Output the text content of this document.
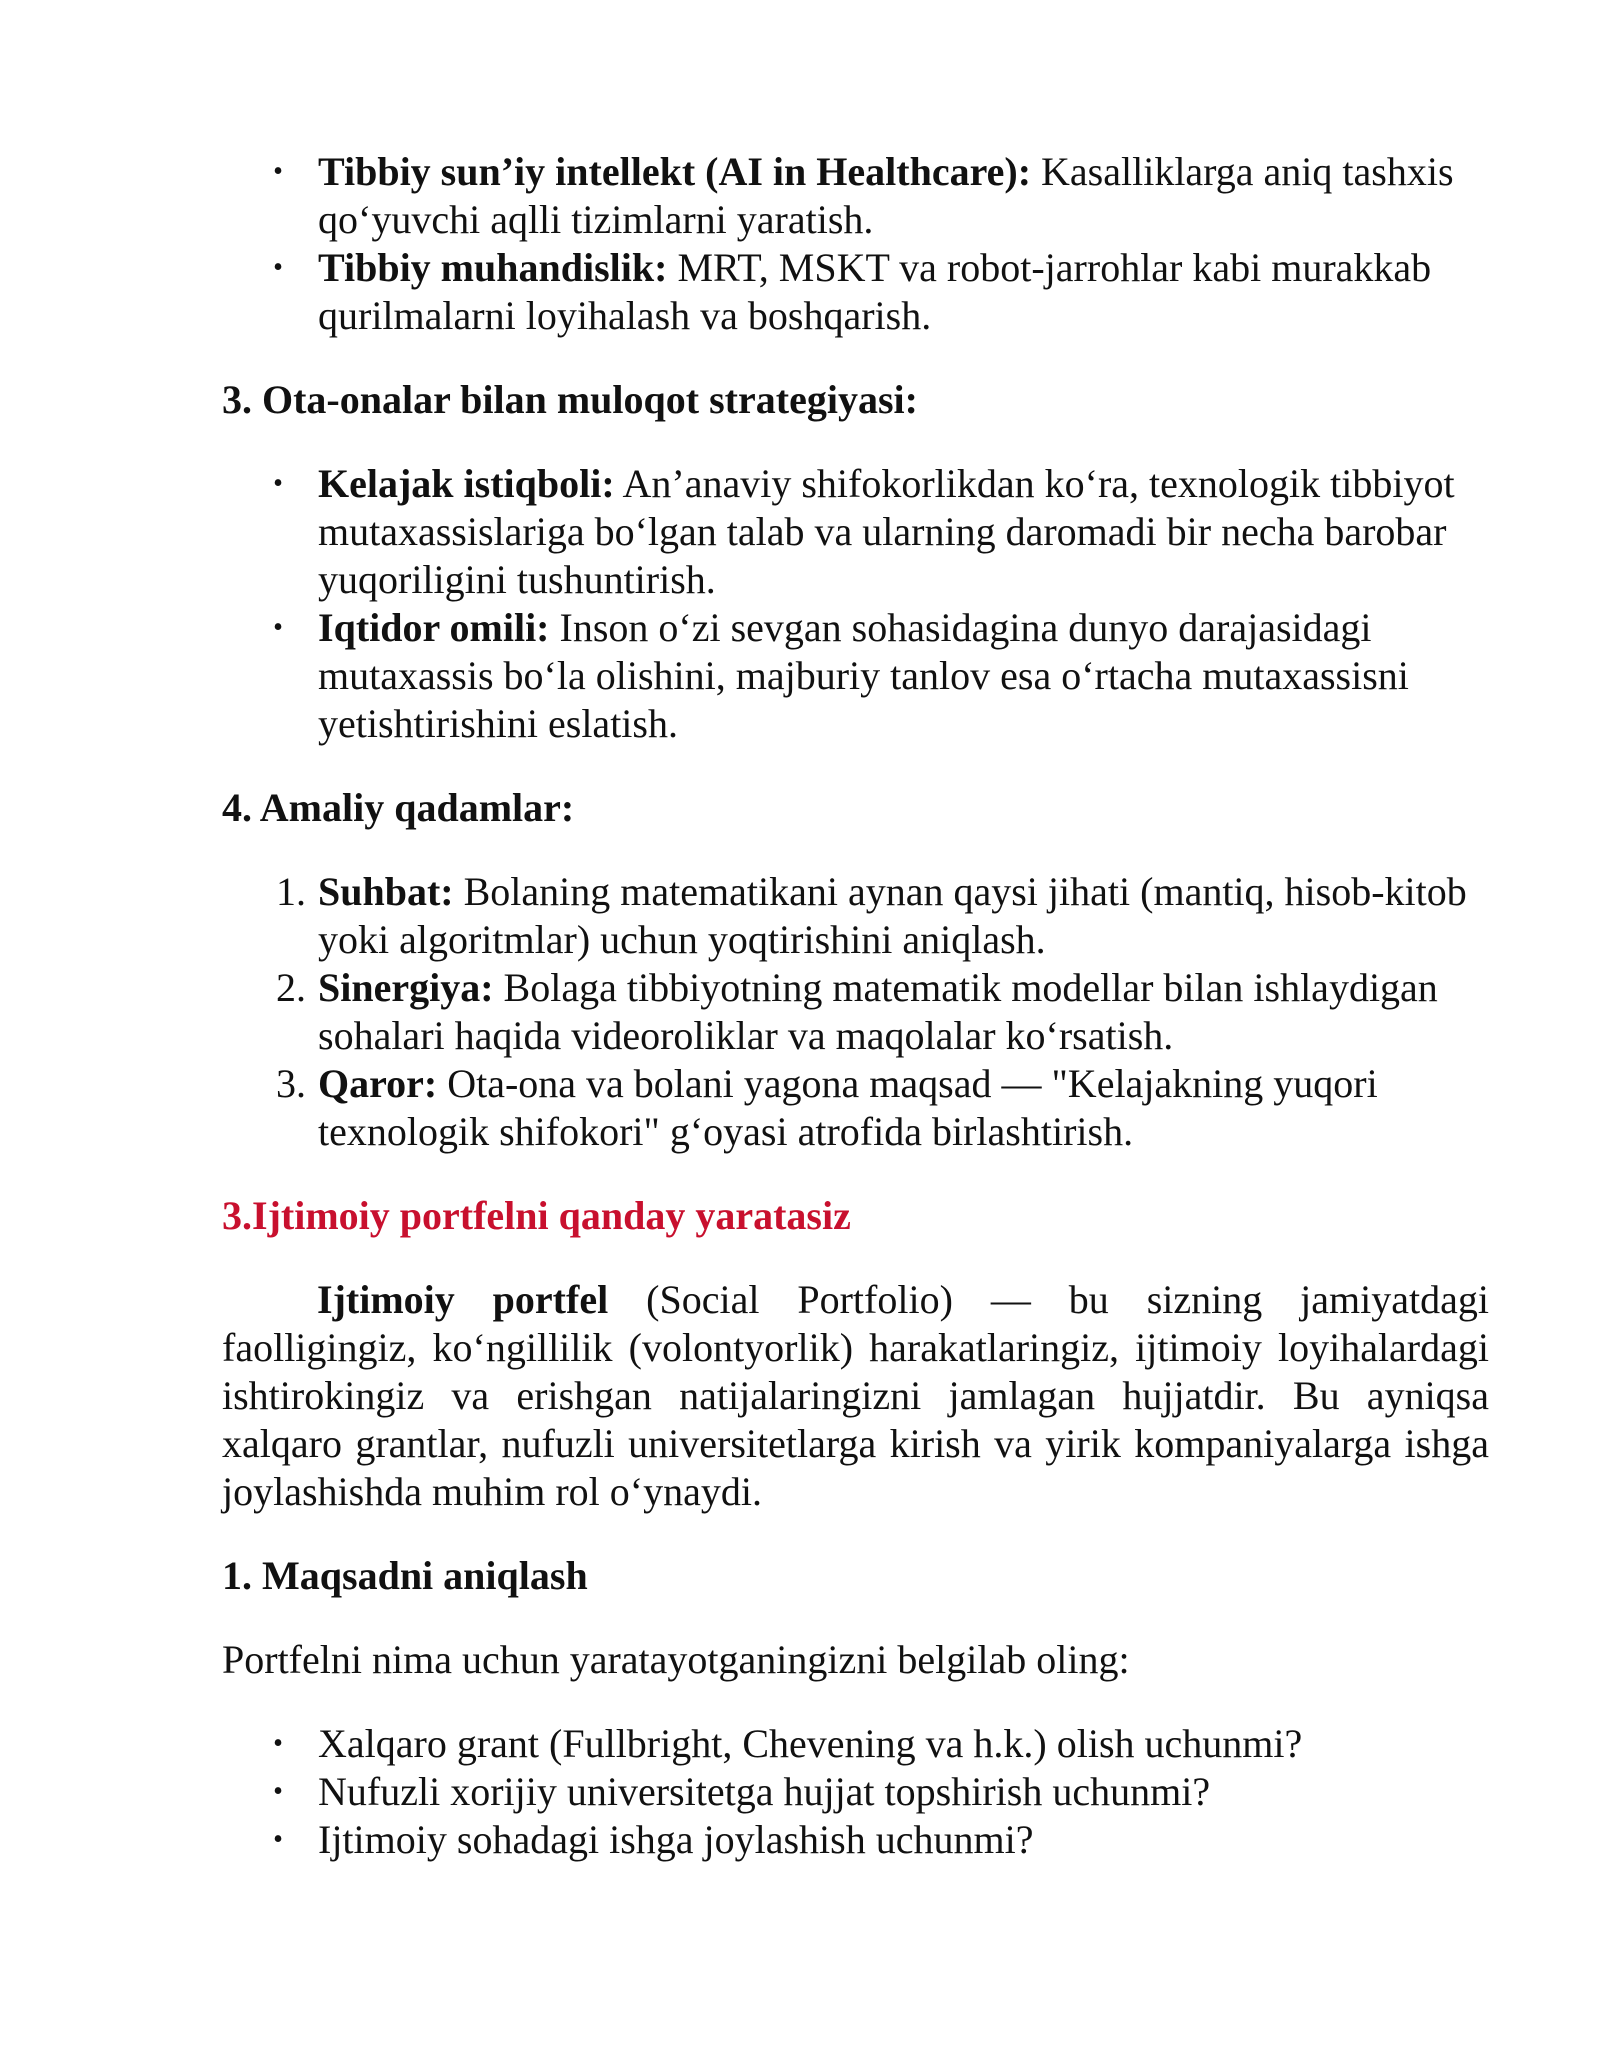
• Tibbiy sun’iy intellekt (AI in Healthcare): Kasalliklarga aniq tashxis qo‘yuvchi aqlli tizimlarni yaratish.
• Tibbiy muhandislik: MRT, MSKT va robot-jarrohlar kabi murakkab qurilmalarni loyihalash va boshqarish.
3. Ota-onalar bilan muloqot strategiyasi:
• Kelajak istiqboli: An’anaviy shifokorlikdan ko‘ra, texnologik tibbiyot mutaxassislariga bo‘lgan talab va ularning daromadi bir necha barobar yuqoriligini tushuntirish.
• Iqtidor omili: Inson o‘zi sevgan sohasidagina dunyo darajasidagi mutaxassis bo‘la olishini, majburiy tanlov esa o‘rtacha mutaxassisni yetishtirishini eslatish.
4. Amaliy qadamlar:
1. Suhbat: Bolaning matematikani aynan qaysi jihati (mantiq, hisob-kitob yoki algoritmlar) uchun yoqtirishini aniqlash.
2. Sinergiya: Bolaga tibbiyotning matematik modellar bilan ishlaydigan sohalari haqida videoroliklar va maqolalar ko‘rsatish.
3. Qaror: Ota-ona va bolani yagona maqsad — "Kelajakning yuqori texnologik shifokori" g‘oyasi atrofida birlashtirish.
3.Ijtimoiy portfelni qanday yaratasiz

Ijtimoiy portfel (Social Portfolio) — bu sizning jamiyatdagi faolligingiz, ko‘ngillilik (volontyorlik) harakatlaringiz, ijtimoiy loyihalardagi ishtirokingiz va erishgan natijalaringizni jamlagan hujjatdir. Bu ayniqsa xalqaro grantlar, nufuzli universitetlarga kirish va yirik kompaniyalarga ishga joylashishda muhim rol o‘ynaydi.

1. Maqsadni aniqlash

Portfelni nima uchun yaratayotganingizni belgilab oling:

• Xalqaro grant (Fullbright, Chevening va h.k.) olish uchunmi?
• Nufuzli xorijiy universitetga hujjat topshirish uchunmi?
• Ijtimoiy sohadagi ishga joylashish uchunmi?
